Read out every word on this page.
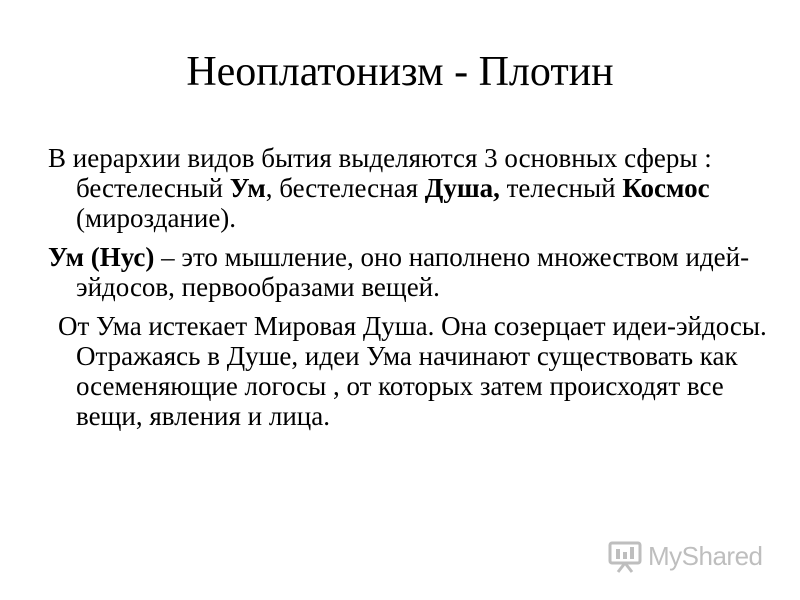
Неоплатонизм - Плотин

В иерархии видов бытия выделяются 3 основных сферы : бестелесный Ум, бестелесная Душа, телесный Космос (мироздание).

Ум (Нус) – это мышление, оно наполнено множеством идей-эйдосов, первообразами вещей.

От Ума истекает Мировая Душа. Она созерцает идеи-эйдосы. Отражаясь в Душе, идеи Ума начинают существовать как осеменяющие логосы , от которых затем происходят все вещи, явления и лица.

MyShared
